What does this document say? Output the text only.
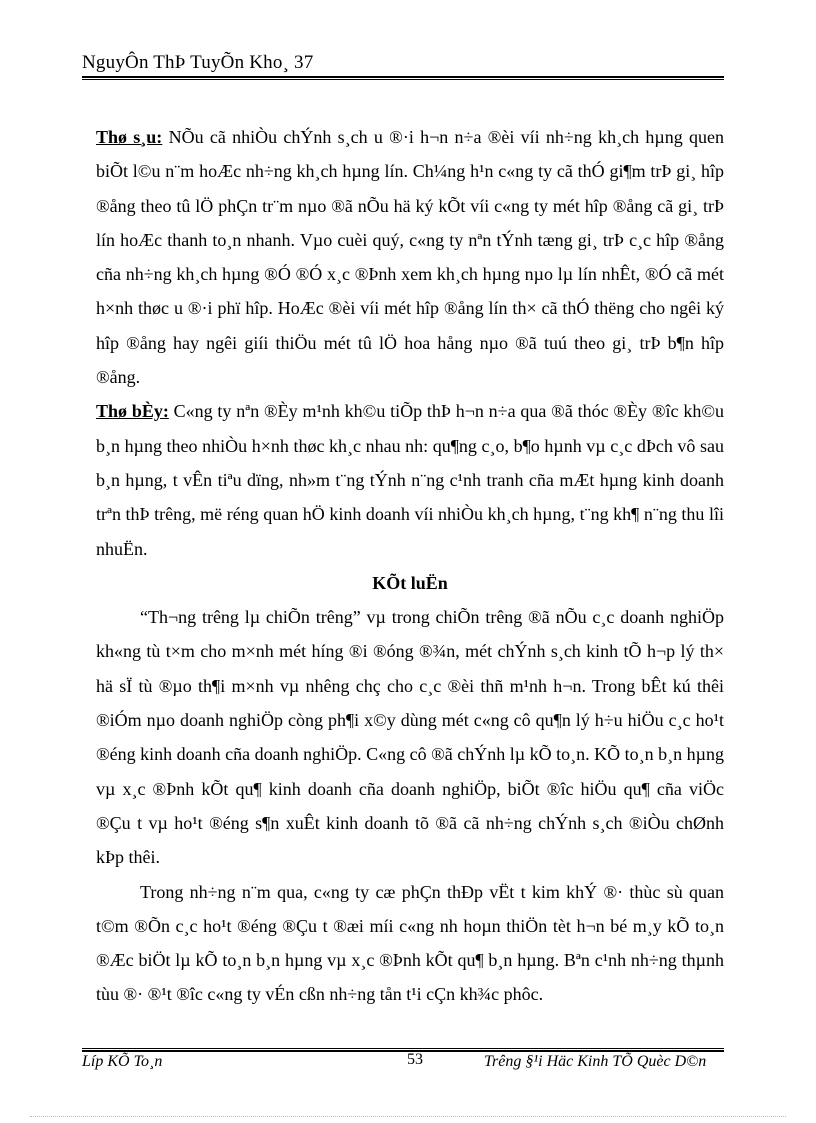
NguyÔn ThÞ TuyÕn Kho¸ 37

Thø s¸u: NÕu cã nhiÒu chÝnh s¸ch u ®·i h¬n n÷a ®èi víi nh÷ng kh¸ch hµng quen biÕt l©u n¨m hoÆc nh÷ng kh¸ch hµng lín. Ch¼ng h¹n c«ng ty cã thÓ gi¶m trÞ gi¸ hîp ®ång theo tû lÖ phÇn tr¨m nµo ®ã nÕu hä ký kÕt víi c«ng ty mét hîp ®ång cã gi¸ trÞ lín hoÆc thanh to¸n nhanh. Vµo cuèi quý, c«ng ty nªn tÝnh tæng gi¸ trÞ c¸c hîp ®ång cña nh÷ng kh¸ch hµng ®Ó ®Ó x¸c ®Þnh xem kh¸ch hµng nµo lµ lín nhÊt, ®Ó cã mét h×nh thøc u ®·i phï hîp. HoÆc ®èi víi mét hîp ®ång lín th× cã thÓ thëng cho ngêi ký hîp ®ång hay ngêi giíi thiÖu mét tû lÖ hoa hång nµo ®ã tuú theo gi¸ trÞ b¶n hîp ®ång.

Thø bÈy: C«ng ty nªn ®Èy m¹nh kh©u tiÕp thÞ h¬n n÷a qua ®ã thóc ®Èy ®îc kh©u b¸n hµng theo nhiÒu h×nh thøc kh¸c nhau nh: qu¶ng c¸o, b¶o hµnh vµ c¸c dÞch vô sau b¸n hµng, t vÊn tiªu dïng, nh»m t¨ng tÝnh n¨ng c¹nh tranh cña mÆt hµng kinh doanh trªn thÞ trêng, më réng quan hÖ kinh doanh víi nhiÒu kh¸ch hµng, t¨ng kh¶ n¨ng thu lîi nhuËn.

KÕt luËn

“Th¬ng trêng lµ chiÕn trêng” vµ trong chiÕn trêng ®ã nÕu c¸c doanh nghiÖp kh«ng tù t×m cho m×nh mét híng ®i ®óng ®¾n, mét chÝnh s¸ch kinh tÕ h¬p lý th× hä sÏ tù ®µo th¶i m×nh vµ nhêng chç cho c¸c ®èi thñ m¹nh h¬n. Trong bÊt kú thêi ®iÓm nµo doanh nghiÖp còng ph¶i x©y dùng mét c«ng cô qu¶n lý h÷u hiÖu c¸c ho¹t ®éng kinh doanh cña doanh nghiÖp. C«ng cô ®ã chÝnh lµ kÕ to¸n. KÕ to¸n b¸n hµng vµ x¸c ®Þnh kÕt qu¶ kinh doanh cña doanh nghiÖp, biÕt ®îc hiÖu qu¶ cña viÖc ®Çu t vµ ho¹t ®éng s¶n xuÊt kinh doanh tõ ®ã cã nh÷ng chÝnh s¸ch ®iÒu chØnh kÞp thêi.

Trong nh÷ng n¨m qua, c«ng ty cæ phÇn thÐp vËt t kim khÝ ®· thùc sù quan t©m ®Õn c¸c ho¹t ®éng ®Çu t ®æi míi c«ng nh hoµn thiÖn tèt h¬n bé m¸y kÕ to¸n ®Æc biÖt lµ kÕ to¸n b¸n hµng vµ x¸c ®Þnh kÕt qu¶ b¸n hµng. Bªn c¹nh nh÷ng thµnh tùu ®· ®¹t ®îc c«ng ty vÉn cßn nh÷ng tån t¹i cÇn kh¾c phôc.

Líp KÕ To¸n	53	Trêng §¹i Häc Kinh TÕ Quèc D©n
